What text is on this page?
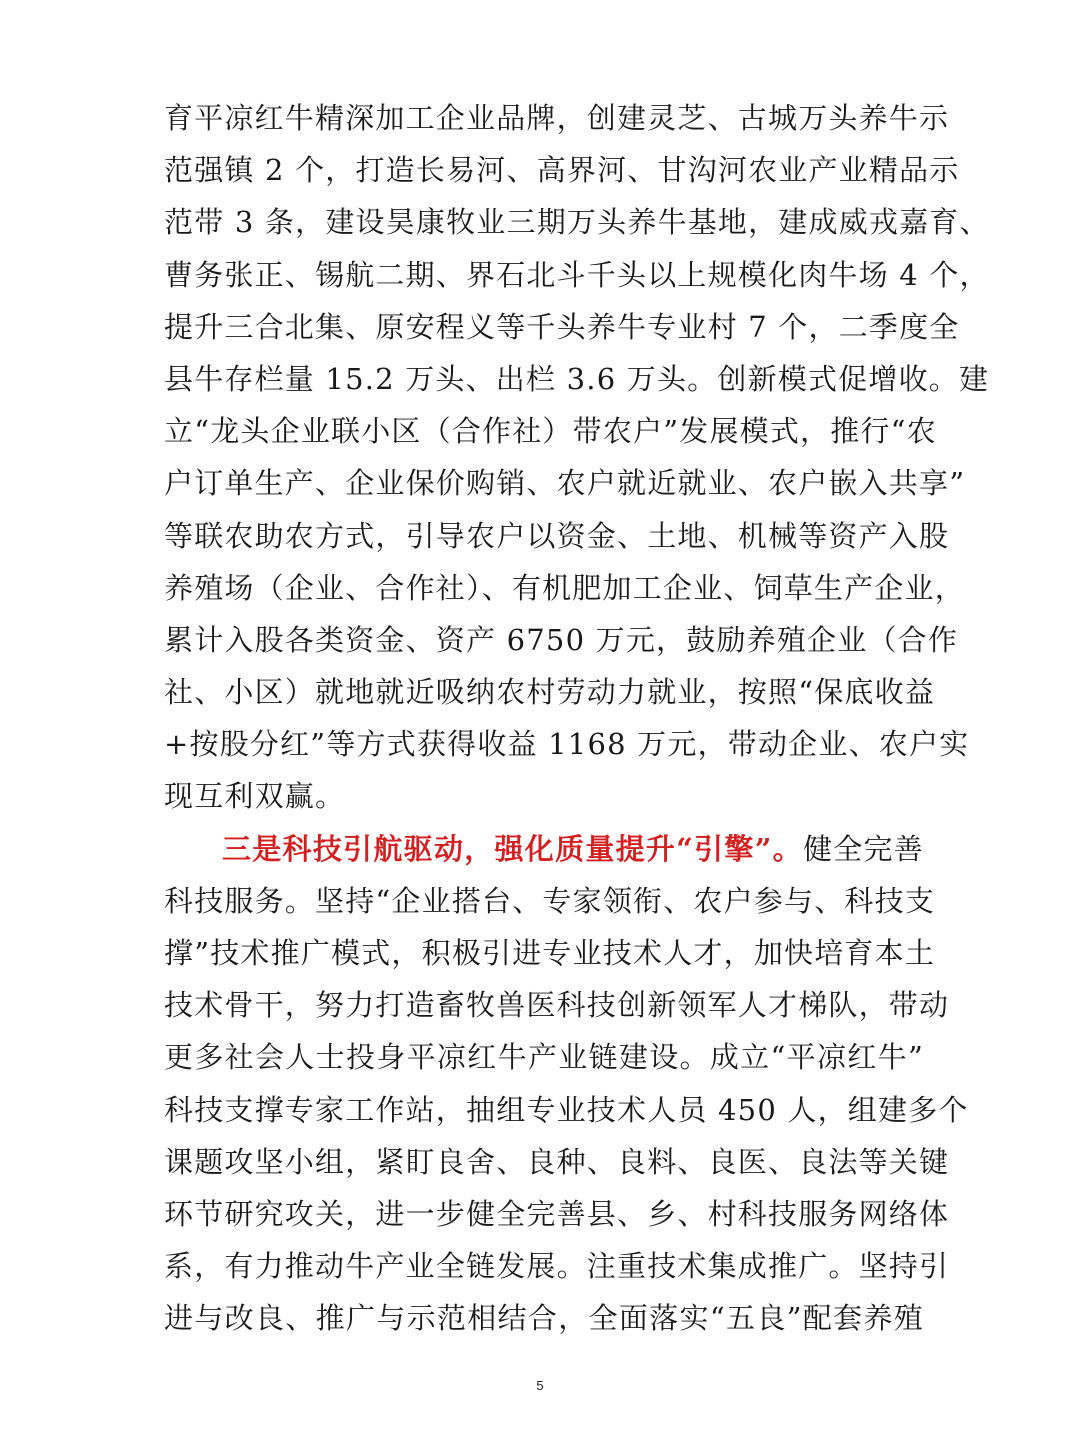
育平凉红牛精深加工企业品牌，创建灵芝、古城万头养牛示
范强镇 2 个，打造长易河、高界河、甘沟河农业产业精品示
范带 3 条，建设昊康牧业三期万头养牛基地，建成威戎嘉育、
曹务张正、锡航二期、界石北斗千头以上规模化肉牛场 4 个，
提升三合北集、原安程义等千头养牛专业村 7 个，二季度全
县牛存栏量 15.2 万头、出栏 3.6 万头。创新模式促增收。建
立“龙头企业联小区（合作社）带农户”发展模式，推行“农
户订单生产、企业保价购销、农户就近就业、农户嵌入共享”
等联农助农方式，引导农户以资金、土地、机械等资产入股
养殖场（企业、合作社）、有机肥加工企业、饲草生产企业，
累计入股各类资金、资产 6750 万元，鼓励养殖企业（合作
社、小区）就地就近吸纳农村劳动力就业，按照“保底收益
+按股分红”等方式获得收益 1168 万元，带动企业、农户实
现互利双赢。
三是科技引航驱动，强化质量提升“引擎”。健全完善
科技服务。坚持“企业搭台、专家领衔、农户参与、科技支
撑”技术推广模式，积极引进专业技术人才，加快培育本土
技术骨干，努力打造畜牧兽医科技创新领军人才梯队，带动
更多社会人士投身平凉红牛产业链建设。成立“平凉红牛”
科技支撑专家工作站，抽组专业技术人员 450 人，组建多个
课题攻坚小组，紧盯良舍、良种、良料、良医、良法等关键
环节研究攻关，进一步健全完善县、乡、村科技服务网络体
系，有力推动牛产业全链发展。注重技术集成推广。坚持引
进与改良、推广与示范相结合，全面落实“五良”配套养殖
5
